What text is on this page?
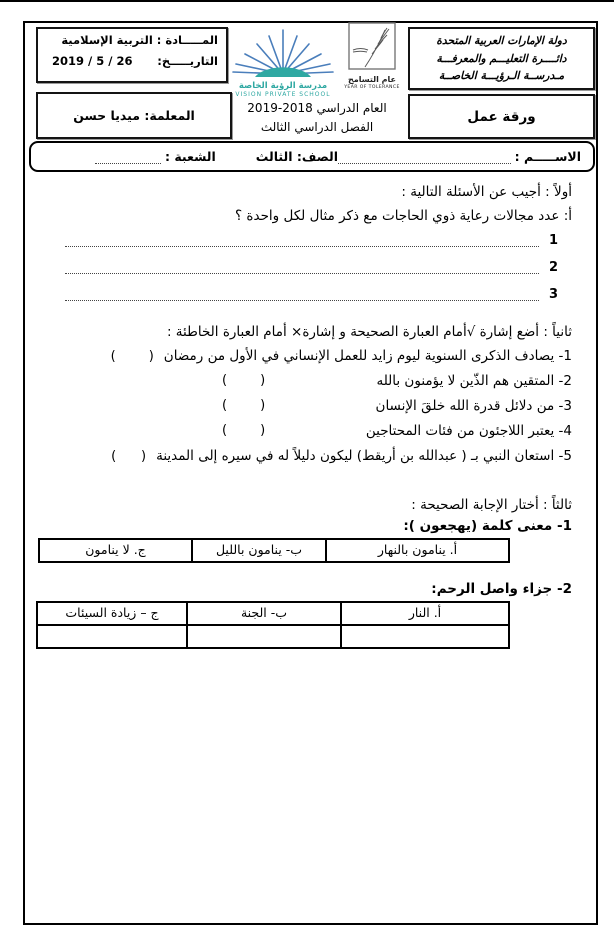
المـــــادة : التربية الإسلامية
التاريـــــخ:
26 / 5 / 2019
المعلمة: ميديا حسن
مدرسة الرؤية الخاصة
VISION PRIVATE SCHOOL
عام التسامح
YEAR OF TOLERANCE
دولة الإمارات العربية المتحدة
دائــــرة التعليـــم والمعرفـــة
مـدرســة الـرؤيـــة الخاصــة
ورقة عمل
العام الدراسي 2018-2019
الفصل الدراسي الثالث
الاســـــم :
الصف: الثالث
الشعبة :
أولاً : أجيب عن الأسئلة التالية :
أ: عدد مجالات رعاية ذوي الحاجات مع ذكر مثال لكل واحدة ؟
1
2
3
ثانياً : أضع إشارة √أمام العبارة الصحيحة و إشارة× أمام العبارة الخاطئة :
1- يصادف الذكرى السنوية ليوم زايد للعمل الإنساني في الأول من رمضان(        )
2- المتقين هم الذّين لا يؤمنون بالله
(        )
3- من دلائل قدرة الله خلقَ الإنسان
(        )
4- يعتبر اللاجئون من فئات المحتاجين
(        )
5- استعان النبي بـ ( عبدالله بن أريقط) ليكون دليلاً له في سيره إلى المدينة(      )
ثالثاً : أختار الإجابة الصحيحة :
1- معنى كلمة (يهجعون ):
أ. ينامون بالنهار	ب- ينامون بالليل	ج. لا ينامون
2- جزاء واصل الرحم:
أ. النار	ب- الجنة	ج – زيادة السيئات
